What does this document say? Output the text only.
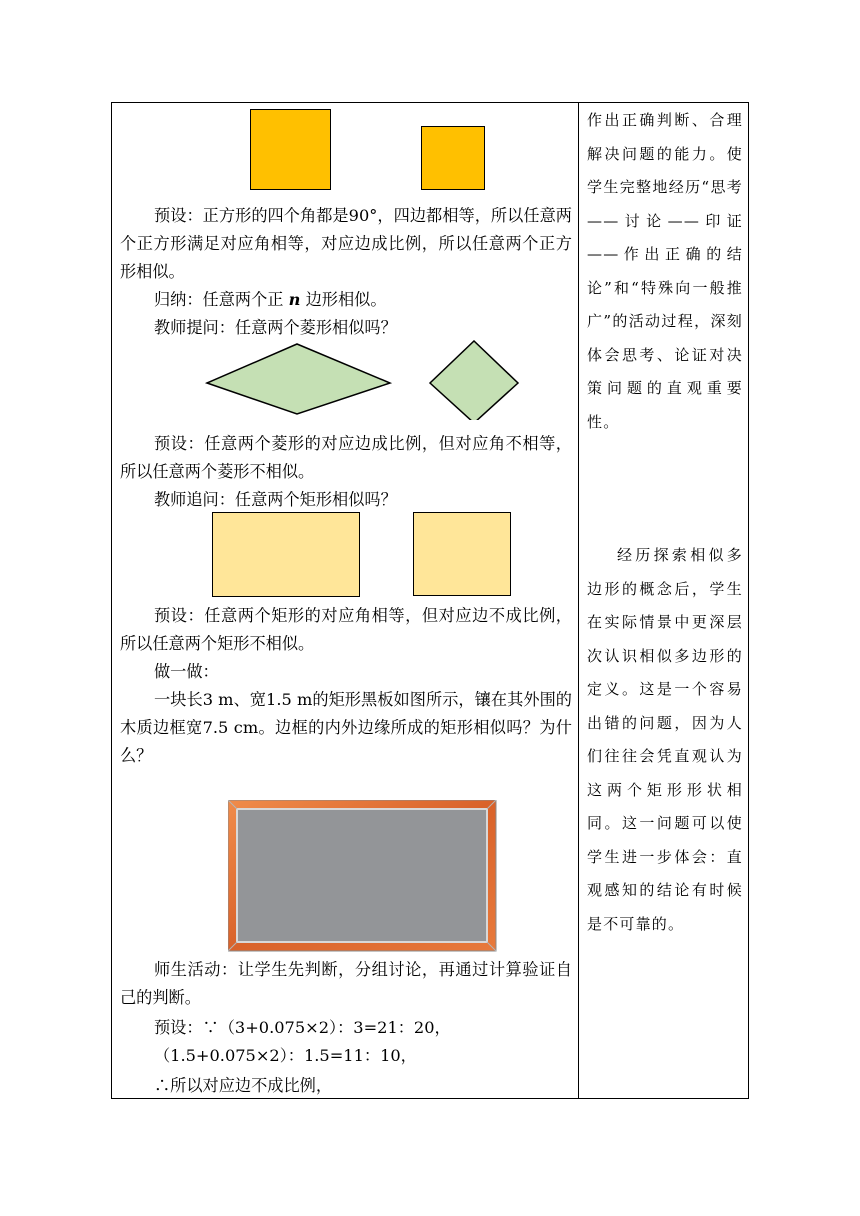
预设：正方形的四个角都是90°，四边都相等，所以任意两个正方形满足对应角相等，对应边成比例，所以任意两个正方形相似。

归纳：任意两个正 n 边形相似。

教师提问：任意两个菱形相似吗？

预设：任意两个菱形的对应边成比例，但对应角不相等，所以任意两个菱形不相似。

教师追问：任意两个矩形相似吗？

预设：任意两个矩形的对应角相等，但对应边不成比例，所以任意两个矩形不相似。

做一做：

一块长3 m、宽1.5 m的矩形黑板如图所示，镶在其外围的木质边框宽7.5 cm。边框的内外边缘所成的矩形相似吗？为什么？

师生活动：让学生先判断，分组讨论，再通过计算验证自己的判断。

预设：∵（3+0.075×2）：3=21：20，

（1.5+0.075×2）：1.5=11：10，

∴所以对应边不成比例，

作出正确判断、合理解决问题的能力。使学生完整地经历“思考——讨论——印证——作出正确的结论”和“特殊向一般推广”的活动过程，深刻体会思考、论证对决策问题的直观重要性。

经历探索相似多边形的概念后，学生在实际情景中更深层次认识相似多边形的定义。这是一个容易出错的问题，因为人们往往会凭直观认为这两个矩形形状相同。这一问题可以使学生进一步体会：直观感知的结论有时候是不可靠的。
